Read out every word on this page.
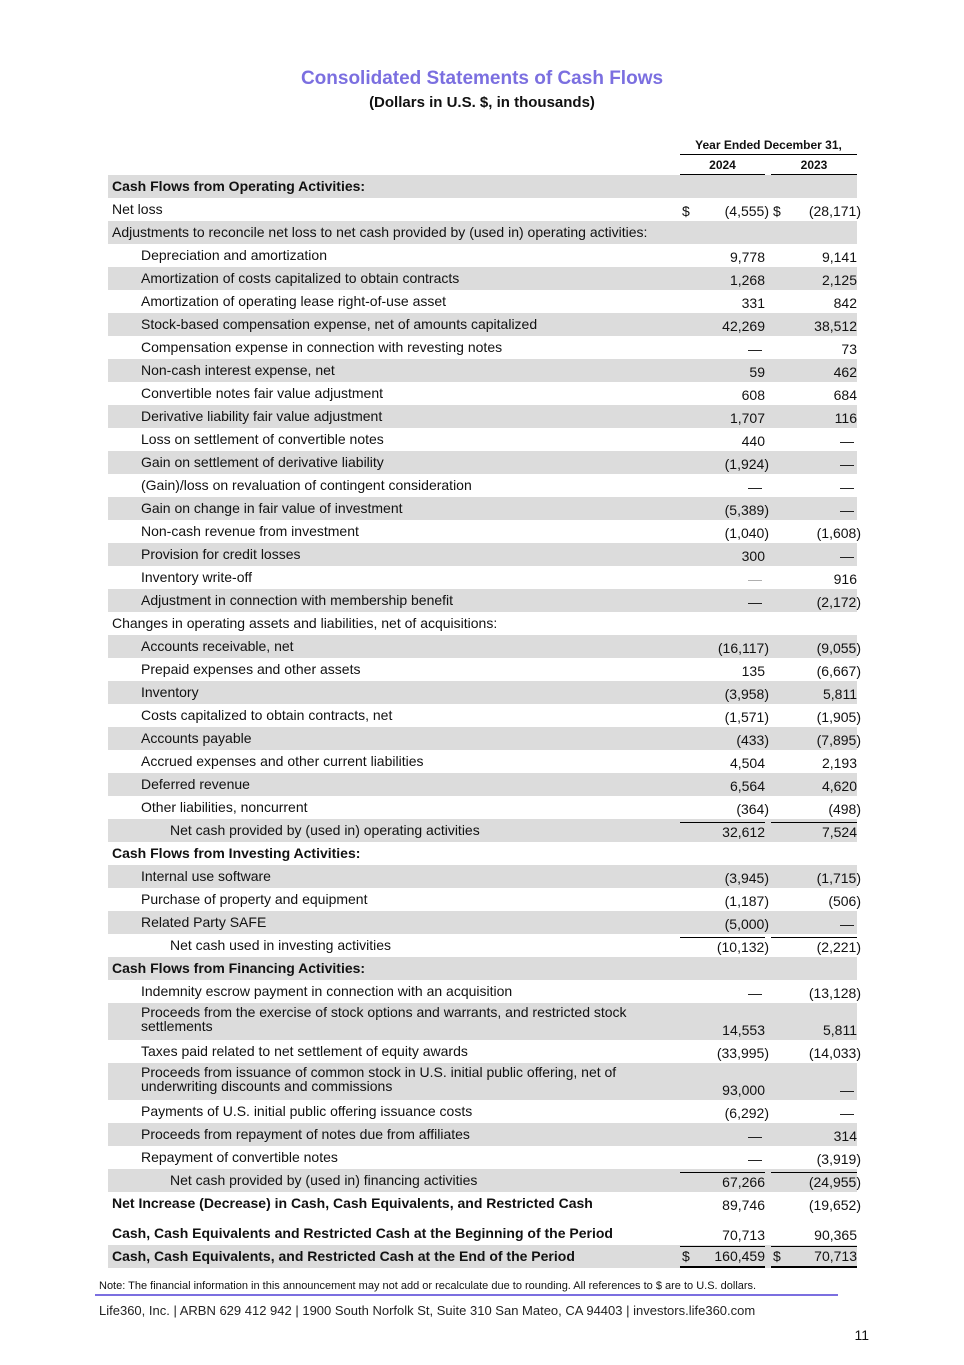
Consolidated Statements of Cash Flows
(Dollars in U.S. $, in thousands)
Year Ended December 31,
2024	2023
Cash Flows from Operating Activities:
Net loss	$ (4,555) $ (28,171)
Adjustments to reconcile net loss to net cash provided by (used in) operating activities:
Depreciation and amortization	9,778	9,141
Amortization of costs capitalized to obtain contracts	1,268	2,125
Amortization of operating lease right-of-use asset	331	842
Stock-based compensation expense, net of amounts capitalized	42,269	38,512
Compensation expense in connection with revesting notes	—	73
Non-cash interest expense, net	59	462
Convertible notes fair value adjustment	608	684
Derivative liability fair value adjustment	1,707	116
Loss on settlement of convertible notes	440	—
Gain on settlement of derivative liability	(1,924)	—
(Gain)/loss on revaluation of contingent consideration	—	—
Gain on change in fair value of investment	(5,389)	—
Non-cash revenue from investment	(1,040)	(1,608)
Provision for credit losses	300	—
Inventory write-off	—	916
Adjustment in connection with membership benefit	—	(2,172)
Changes in operating assets and liabilities, net of acquisitions:
Accounts receivable, net	(16,117)	(9,055)
Prepaid expenses and other assets	135	(6,667)
Inventory	(3,958)	5,811
Costs capitalized to obtain contracts, net	(1,571)	(1,905)
Accounts payable	(433)	(7,895)
Accrued expenses and other current liabilities	4,504	2,193
Deferred revenue	6,564	4,620
Other liabilities, noncurrent	(364)	(498)
Net cash provided by (used in) operating activities	32,612	7,524
Cash Flows from Investing Activities:
Internal use software	(3,945)	(1,715)
Purchase of property and equipment	(1,187)	(506)
Related Party SAFE	(5,000)	—
Net cash used in investing activities	(10,132)	(2,221)
Cash Flows from Financing Activities:
Indemnity escrow payment in connection with an acquisition	—	(13,128)
Proceeds from the exercise of stock options and warrants, and restricted stock settlements	14,553	5,811
Taxes paid related to net settlement of equity awards	(33,995)	(14,033)
Proceeds from issuance of common stock in U.S. initial public offering, net of underwriting discounts and commissions	93,000	—
Payments of U.S. initial public offering issuance costs	(6,292)	—
Proceeds from repayment of notes due from affiliates	—	314
Repayment of convertible notes	—	(3,919)
Net cash provided by (used in) financing activities	67,266	(24,955)
Net Increase (Decrease) in Cash, Cash Equivalents, and Restricted Cash	89,746	(19,652)
Cash, Cash Equivalents and Restricted Cash at the Beginning of the Period	70,713	90,365
Cash, Cash Equivalents, and Restricted Cash at the End of the Period	$ 160,459 $ 70,713
Note: The financial information in this announcement may not add or recalculate due to rounding. All references to $ are to U.S. dollars.
Life360, Inc. | ARBN 629 412 942 | 1900 South Norfolk St, Suite 310 San Mateo, CA 94403 | investors.life360.com
11
